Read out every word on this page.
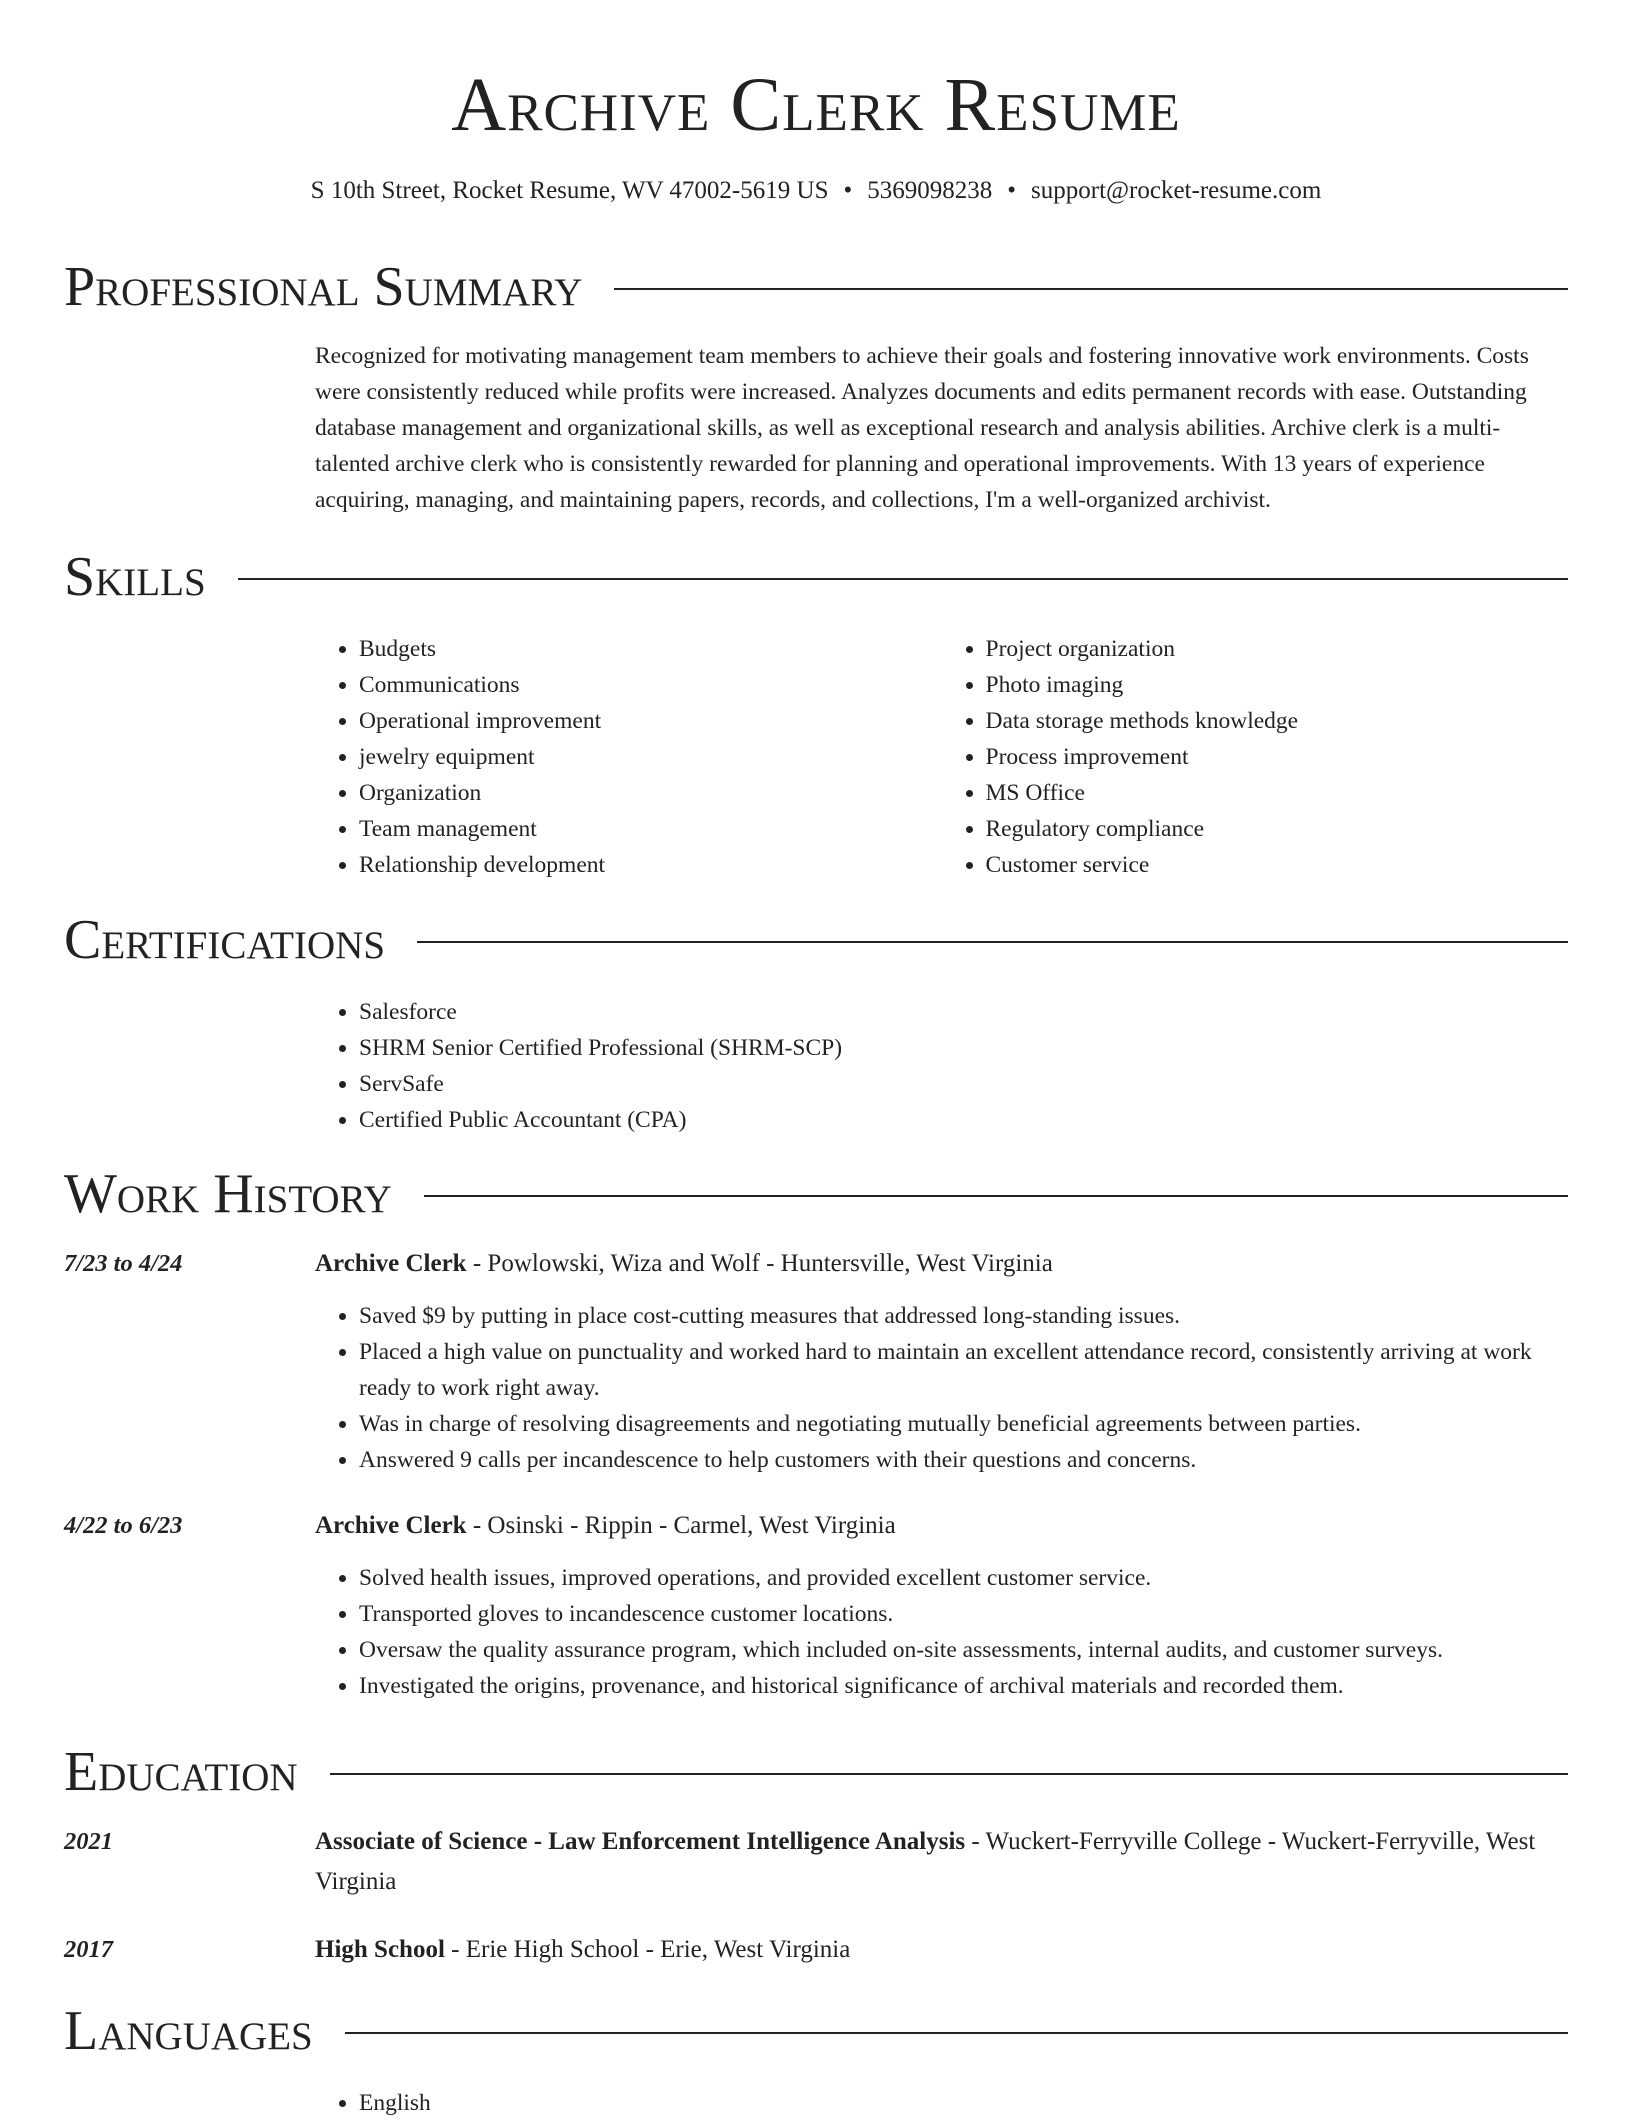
Archive Clerk Resume
S 10th Street, Rocket Resume, WV 47002-5619 US • 5369098238 • support@rocket-resume.com
Professional Summary

Recognized for motivating management team members to achieve their goals and fostering innovative work environments. Costs were consistently reduced while profits were increased. Analyzes documents and edits permanent records with ease. Outstanding database management and organizational skills, as well as exceptional research and analysis abilities. Archive clerk is a multi-talented archive clerk who is consistently rewarded for planning and operational improvements. With 13 years of experience acquiring, managing, and maintaining papers, records, and collections, I'm a well-organized archivist.

Skills
• Budgets
• Communications
• Operational improvement
• jewelry equipment
• Organization
• Team management
• Relationship development
• Project organization
• Photo imaging
• Data storage methods knowledge
• Process improvement
• MS Office
• Regulatory compliance
• Customer service
Certifications
• Salesforce
• SHRM Senior Certified Professional (SHRM-SCP)
• ServSafe
• Certified Public Accountant (CPA)
Work History
7/23 to 4/24	Archive Clerk - Powlowski, Wiza and Wolf - Huntersville, West Virginia
• Saved $9 by putting in place cost-cutting measures that addressed long-standing issues.
• Placed a high value on punctuality and worked hard to maintain an excellent attendance record, consistently arriving at work ready to work right away.
• Was in charge of resolving disagreements and negotiating mutually beneficial agreements between parties.
• Answered 9 calls per incandescence to help customers with their questions and concerns.
4/22 to 6/23	Archive Clerk - Osinski - Rippin - Carmel, West Virginia
• Solved health issues, improved operations, and provided excellent customer service.
• Transported gloves to incandescence customer locations.
• Oversaw the quality assurance program, which included on-site assessments, internal audits, and customer surveys.
• Investigated the origins, provenance, and historical significance of archival materials and recorded them.
Education
2021	Associate of Science - Law Enforcement Intelligence Analysis - Wuckert-Ferryville College - Wuckert-Ferryville, West Virginia
2017	High School - Erie High School - Erie, West Virginia
Languages
• English
